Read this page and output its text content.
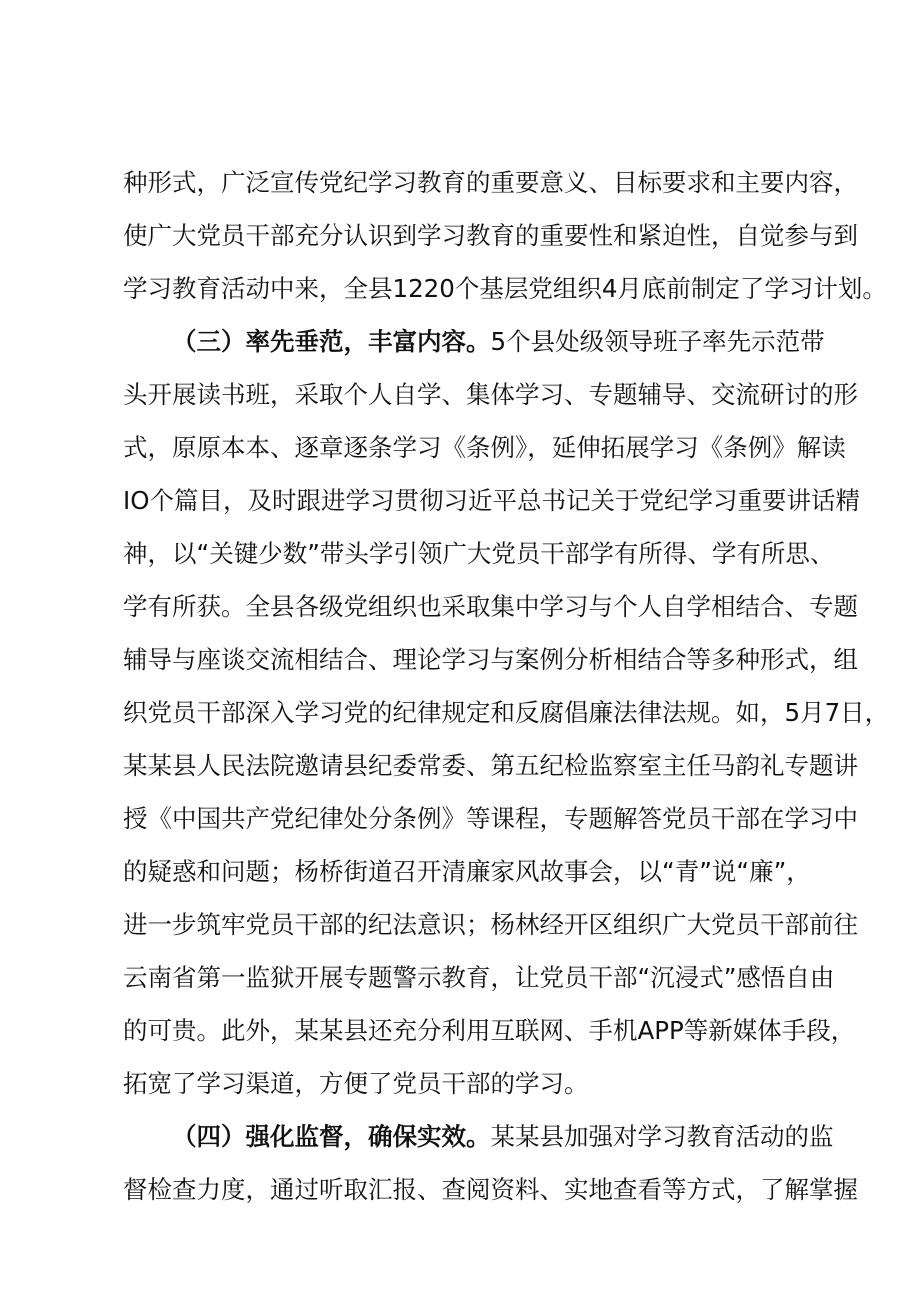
种形式，广泛宣传党纪学习教育的重要意义、目标要求和主要内容，
使广大党员干部充分认识到学习教育的重要性和紧迫性，自觉参与到
学习教育活动中来，全县1220个基层党组织4月底前制定了学习计划。
（三）率先垂范，丰富内容。5个县处级领导班子率先示范带
头开展读书班，采取个人自学、集体学习、专题辅导、交流研讨的形
式，原原本本、逐章逐条学习《条例》，延伸拓展学习《条例》解读
IO个篇目，及时跟进学习贯彻习近平总书记关于党纪学习重要讲话精
神，以“关键少数”带头学引领广大党员干部学有所得、学有所思、
学有所获。全县各级党组织也采取集中学习与个人自学相结合、专题
辅导与座谈交流相结合、理论学习与案例分析相结合等多种形式，组
织党员干部深入学习党的纪律规定和反腐倡廉法律法规。如，5月7日，
某某县人民法院邀请县纪委常委、第五纪检监察室主任马韵礼专题讲
授《中国共产党纪律处分条例》等课程，专题解答党员干部在学习中
的疑惑和问题；杨桥街道召开清廉家风故事会，以“青”说“廉”，
进一步筑牢党员干部的纪法意识；杨林经开区组织广大党员干部前往
云南省第一监狱开展专题警示教育，让党员干部“沉浸式”感悟自由
的可贵。此外，某某县还充分利用互联网、手机APP等新媒体手段，
拓宽了学习渠道，方便了党员干部的学习。
（四）强化监督，确保实效。某某县加强对学习教育活动的监
督检查力度，通过听取汇报、查阅资料、实地查看等方式，了解掌握
